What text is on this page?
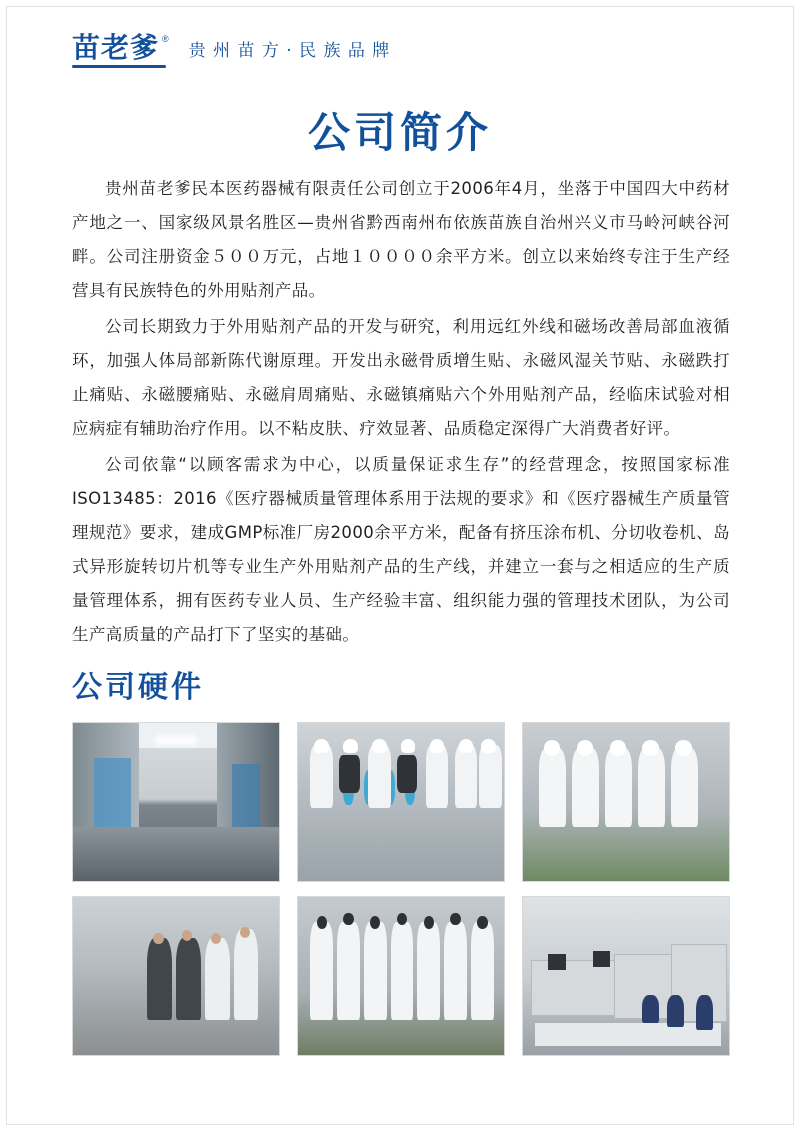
苗老爹 ®
贵 州 苗 方 · 民 族 品 牌
公司简介

贵州苗老爹民本医药器械有限责任公司创立于2006年4月，坐落于中国四大中药材产地之一、国家级风景名胜区—贵州省黔西南州布依族苗族自治州兴义市马岭河峡谷河畔。公司注册资金５００万元，占地１００００余平方米。创立以来始终专注于生产经营具有民族特色的外用贴剂产品。

公司长期致力于外用贴剂产品的开发与研究，利用远红外线和磁场改善局部血液循环，加强人体局部新陈代谢原理。开发出永磁骨质增生贴、永磁风湿关节贴、永磁跌打止痛贴、永磁腰痛贴、永磁肩周痛贴、永磁镇痛贴六个外用贴剂产品，经临床试验对相应病症有辅助治疗作用。以不粘皮肤、疗效显著、品质稳定深得广大消费者好评。

公司依靠“以顾客需求为中心，以质量保证求生存”的经营理念，按照国家标准ISO13485：2016《医疗器械质量管理体系用于法规的要求》和《医疗器械生产质量管理规范》要求，建成GMP标准厂房2000余平方米，配备有挤压涂布机、分切收卷机、岛式异形旋转切片机等专业生产外用贴剂产品的生产线，并建立一套与之相适应的生产质量管理体系，拥有医药专业人员、生产经验丰富、组织能力强的管理技术团队，为公司生产高质量的产品打下了坚实的基础。

公司硬件
